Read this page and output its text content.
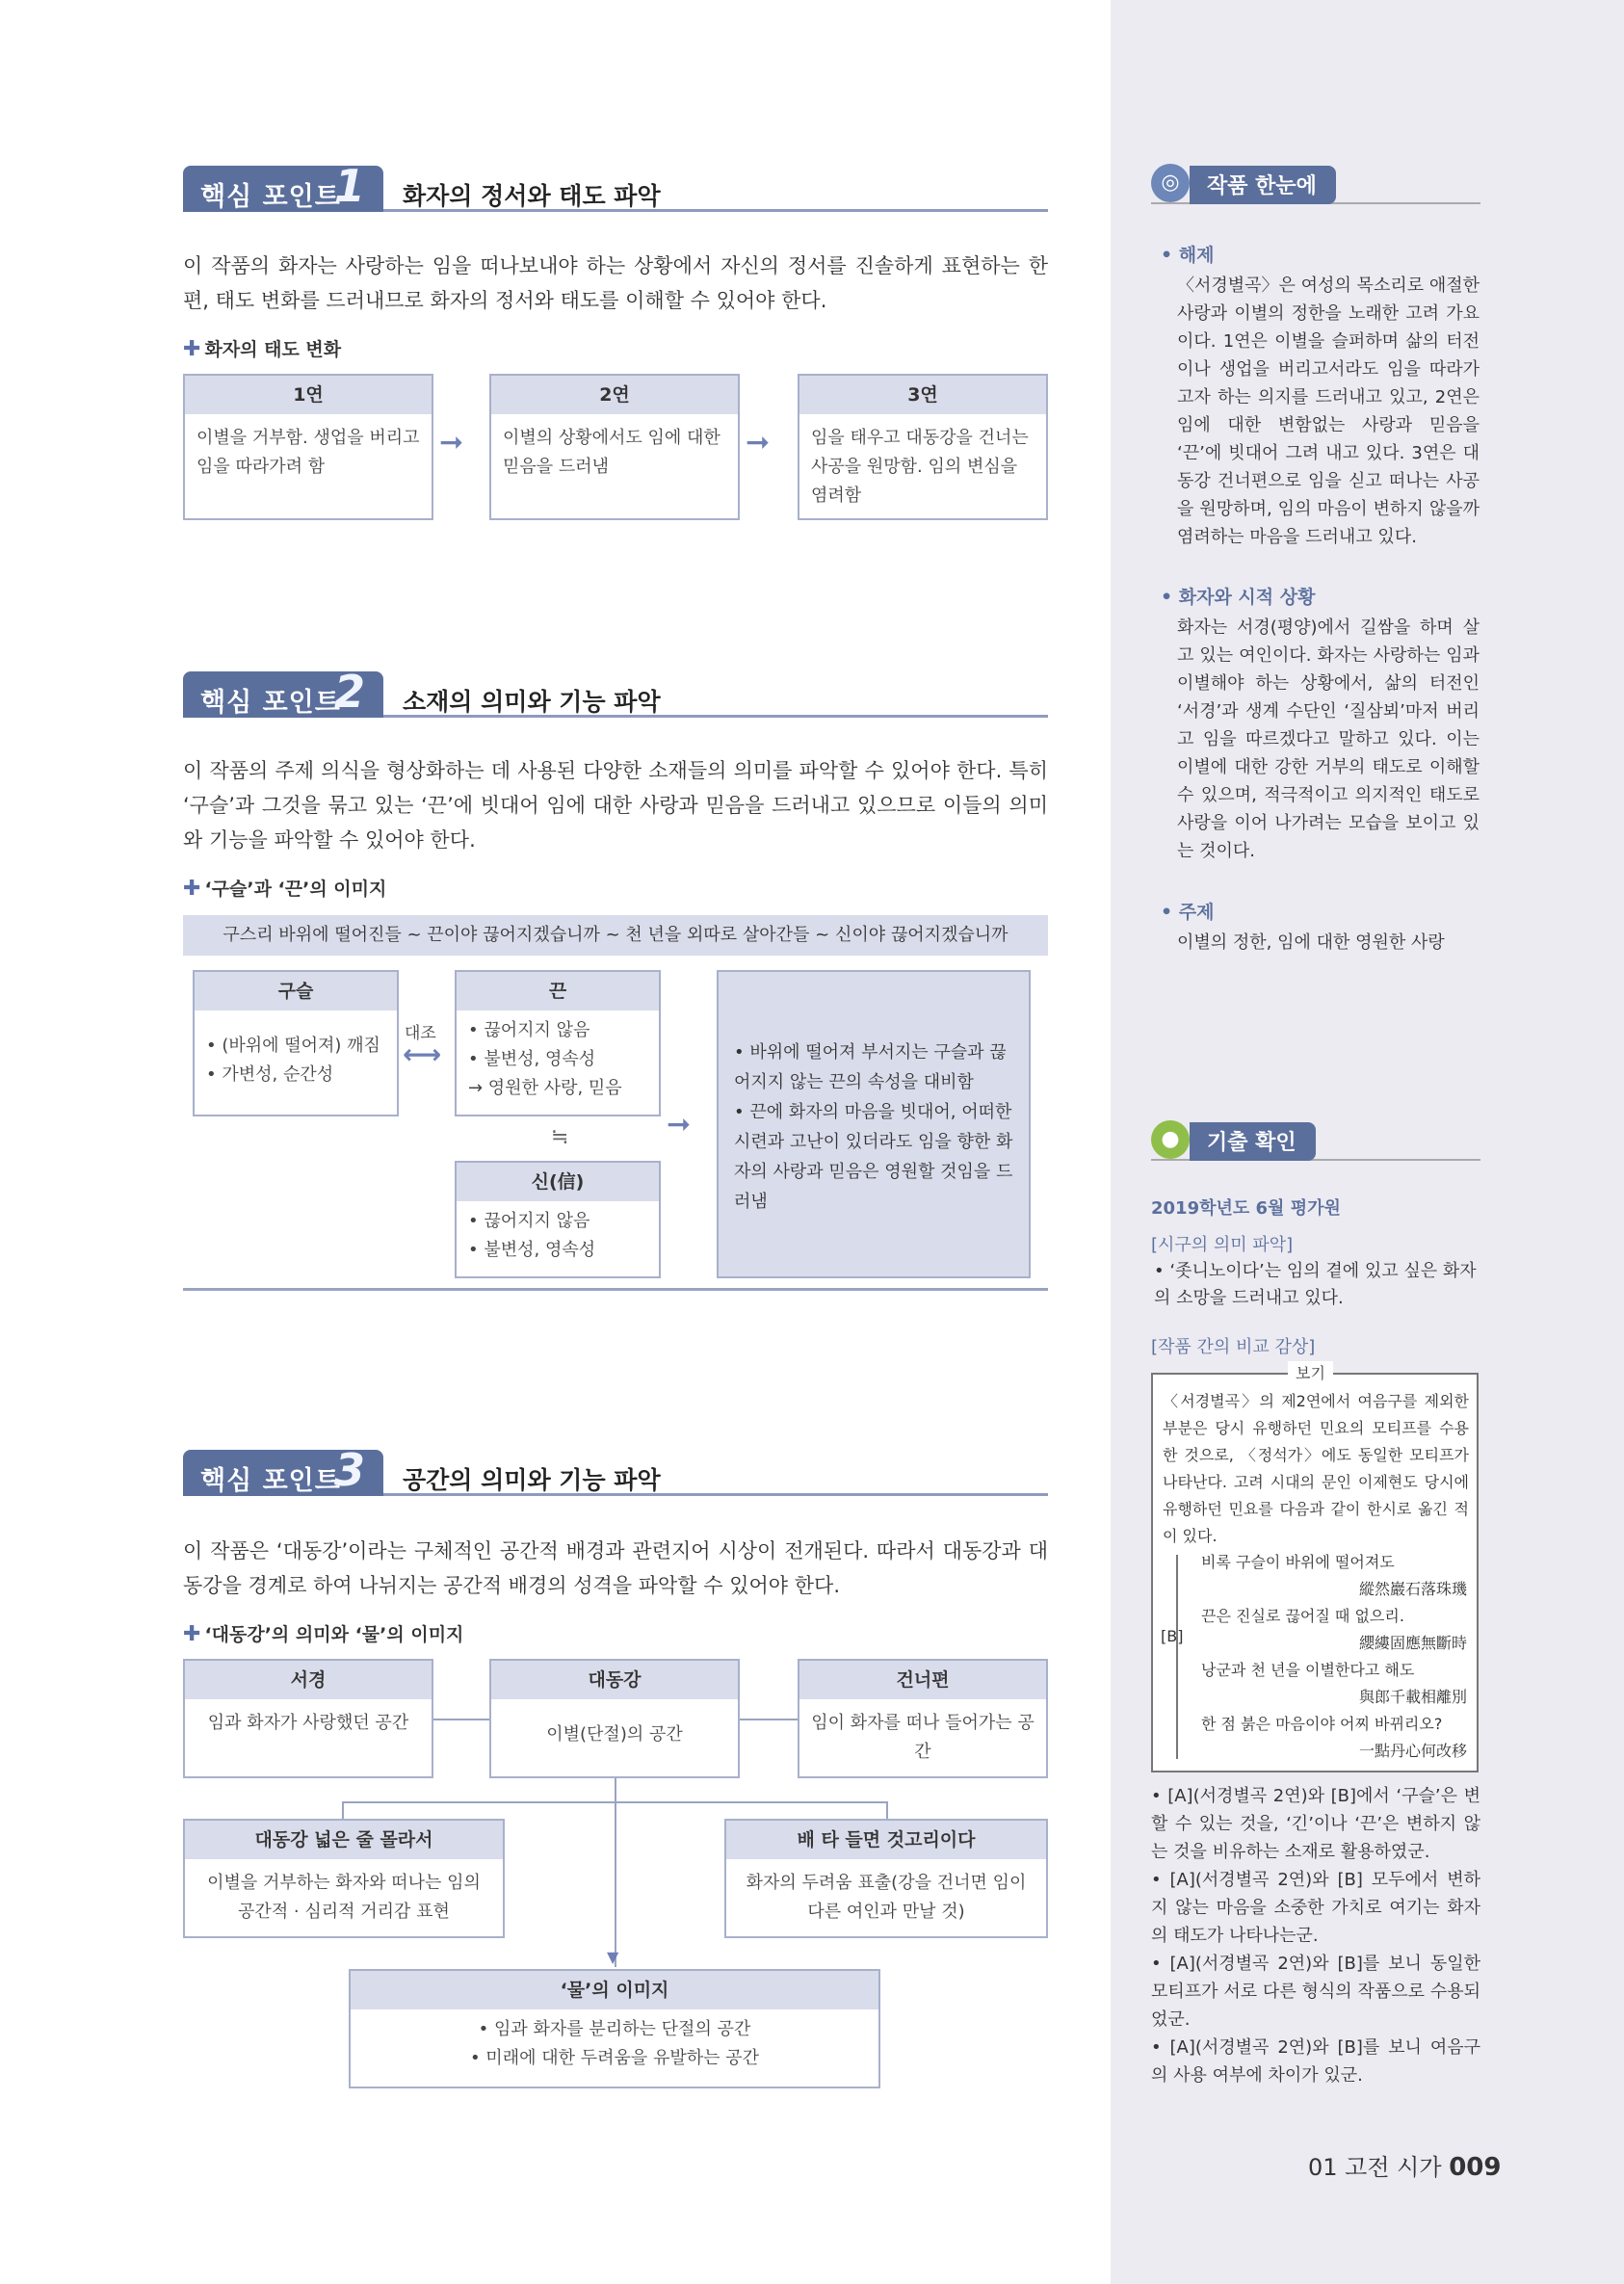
핵심 포인트
1 화자의 정서와 태도 파악
이 작품의 화자는 사랑하는 임을 떠나보내야 하는 상황에서 자신의 정서를 진솔하게 표현하는 한 편, 태도 변화를 드러내므로 화자의 정서와 태도를 이해할 수 있어야 한다.
✚ 화자의 태도 변화
1연
이별을 거부함. 생업을 버리고 임을 따라가려 함
➞
2연
이별의 상황에서도 임에 대한 믿음을 드러냄
➞
3연
임을 태우고 대동강을 건너는 사공을 원망함. 임의 변심을 염려함
핵심 포인트
2 소재의 의미와 기능 파악
이 작품의 주제 의식을 형상화하는 데 사용된 다양한 소재들의 의미를 파악할 수 있어야 한다. 특히 ‘구슬’과 그것을 묶고 있는 ‘끈’에 빗대어 임에 대한 사랑과 믿음을 드러내고 있으므로 이들의 의미와 기능을 파악할 수 있어야 한다.
✚ ‘구슬’과 ‘끈’의 이미지
구스리 바위에 떨어진들 ~ 끈이야 끊어지겠습니까 ~ 천 년을 외따로 살아간들 ~ 신이야 끊어지겠습니까
구슬
• (바위에 떨어져) 깨짐
• 가변성, 순간성
대조
⟷
끈
• 끊어지지 않음
• 불변성, 영속성
→ 영원한 사랑, 믿음
≒
신(信)
• 끊어지지 않음
• 불변성, 영속성
➞
• 바위에 떨어져 부서지는 구슬과 끊어지지 않는 끈의 속성을 대비함
• 끈에 화자의 마음을 빗대어, 어떠한 시련과 고난이 있더라도 임을 향한 화자의 사랑과 믿음은 영원할 것임을 드러냄
핵심 포인트
3 공간의 의미와 기능 파악
이 작품은 ‘대동강’이라는 구체적인 공간적 배경과 관련지어 시상이 전개된다. 따라서 대동강과 대동강을 경계로 하여 나뉘지는 공간적 배경의 성격을 파악할 수 있어야 한다.
✚ ‘대동강’의 의미와 ‘물’의 이미지
서경
임과 화자가 사랑했던 공간
대동강
이별(단절)의 공간
건너편
임이 화자를 떠나 들어가는 공간
대동강 넓은 줄 몰라서
이별을 거부하는 화자와 떠나는 임의 공간적 · 심리적 거리감 표현
배 타 들면 것고리이다
화자의 두려움 표출(강을 건너면 임이 다른 여인과 만날 것)
▼
‘물’의 이미지
• 임과 화자를 분리하는 단절의 공간
• 미래에 대한 두려움을 유발하는 공간
◎	작품 한눈에
• 해제
〈서경별곡〉은 여성의 목소리로 애절한 사랑과 이별의 정한을 노래한 고려 가요이다. 1연은 이별을 슬퍼하며 삶의 터전이나 생업을 버리고서라도 임을 따라가고자 하는 의지를 드러내고 있고, 2연은 임에 대한 변함없는 사랑과 믿음을 ‘끈’에 빗대어 그려 내고 있다. 3연은 대동강 건너편으로 임을 싣고 떠나는 사공을 원망하며, 임의 마음이 변하지 않을까 염려하는 마음을 드러내고 있다.
• 화자와 시적 상황
화자는 서경(평양)에서 길쌈을 하며 살고 있는 여인이다. 화자는 사랑하는 임과 이별해야 하는 상황에서, 삶의 터전인 ‘서경’과 생계 수단인 ‘질삼뵈’마저 버리고 임을 따르겠다고 말하고 있다. 이는 이별에 대한 강한 거부의 태도로 이해할 수 있으며, 적극적이고 의지적인 태도로 사랑을 이어 나가려는 모습을 보이고 있는 것이다.
• 주제
이별의 정한, 임에 대한 영원한 사랑
●	기출 확인
2019학년도 6월 평가원
[시구의 의미 파악]
• ‘좃니노이다’는 임의 곁에 있고 싶은 화자의 소망을 드러내고 있다.
[작품 간의 비교 감상]
보기
〈서경별곡〉의 제2연에서 여음구를 제외한 부분은 당시 유행하던 민요의 모티프를 수용한 것으로, 〈정석가〉에도 동일한 모티프가 나타난다. 고려 시대의 문인 이제현도 당시에 유행하던 민요를 다음과 같이 한시로 옮긴 적이 있다.
[B]
비록 구슬이 바위에 떨어져도
縱然巖石落珠璣
끈은 진실로 끊어질 때 없으리.
纓縷固應無斷時
낭군과 천 년을 이별한다고 해도
與郎千載相離別
한 점 붉은 마음이야 어찌 바뀌리오?
一點丹心何改移
• [A](서경별곡 2연)와 [B]에서 ‘구슬’은 변할 수 있는 것을, ‘긴’이나 ‘끈’은 변하지 않는 것을 비유하는 소재로 활용하였군.
• [A](서경별곡 2연)와 [B] 모두에서 변하지 않는 마음을 소중한 가치로 여기는 화자의 태도가 나타나는군.
• [A](서경별곡 2연)와 [B]를 보니 동일한 모티프가 서로 다른 형식의 작품으로 수용되었군.
• [A](서경별곡 2연)와 [B]를 보니 여음구의 사용 여부에 차이가 있군.
01 고전 시가 009
